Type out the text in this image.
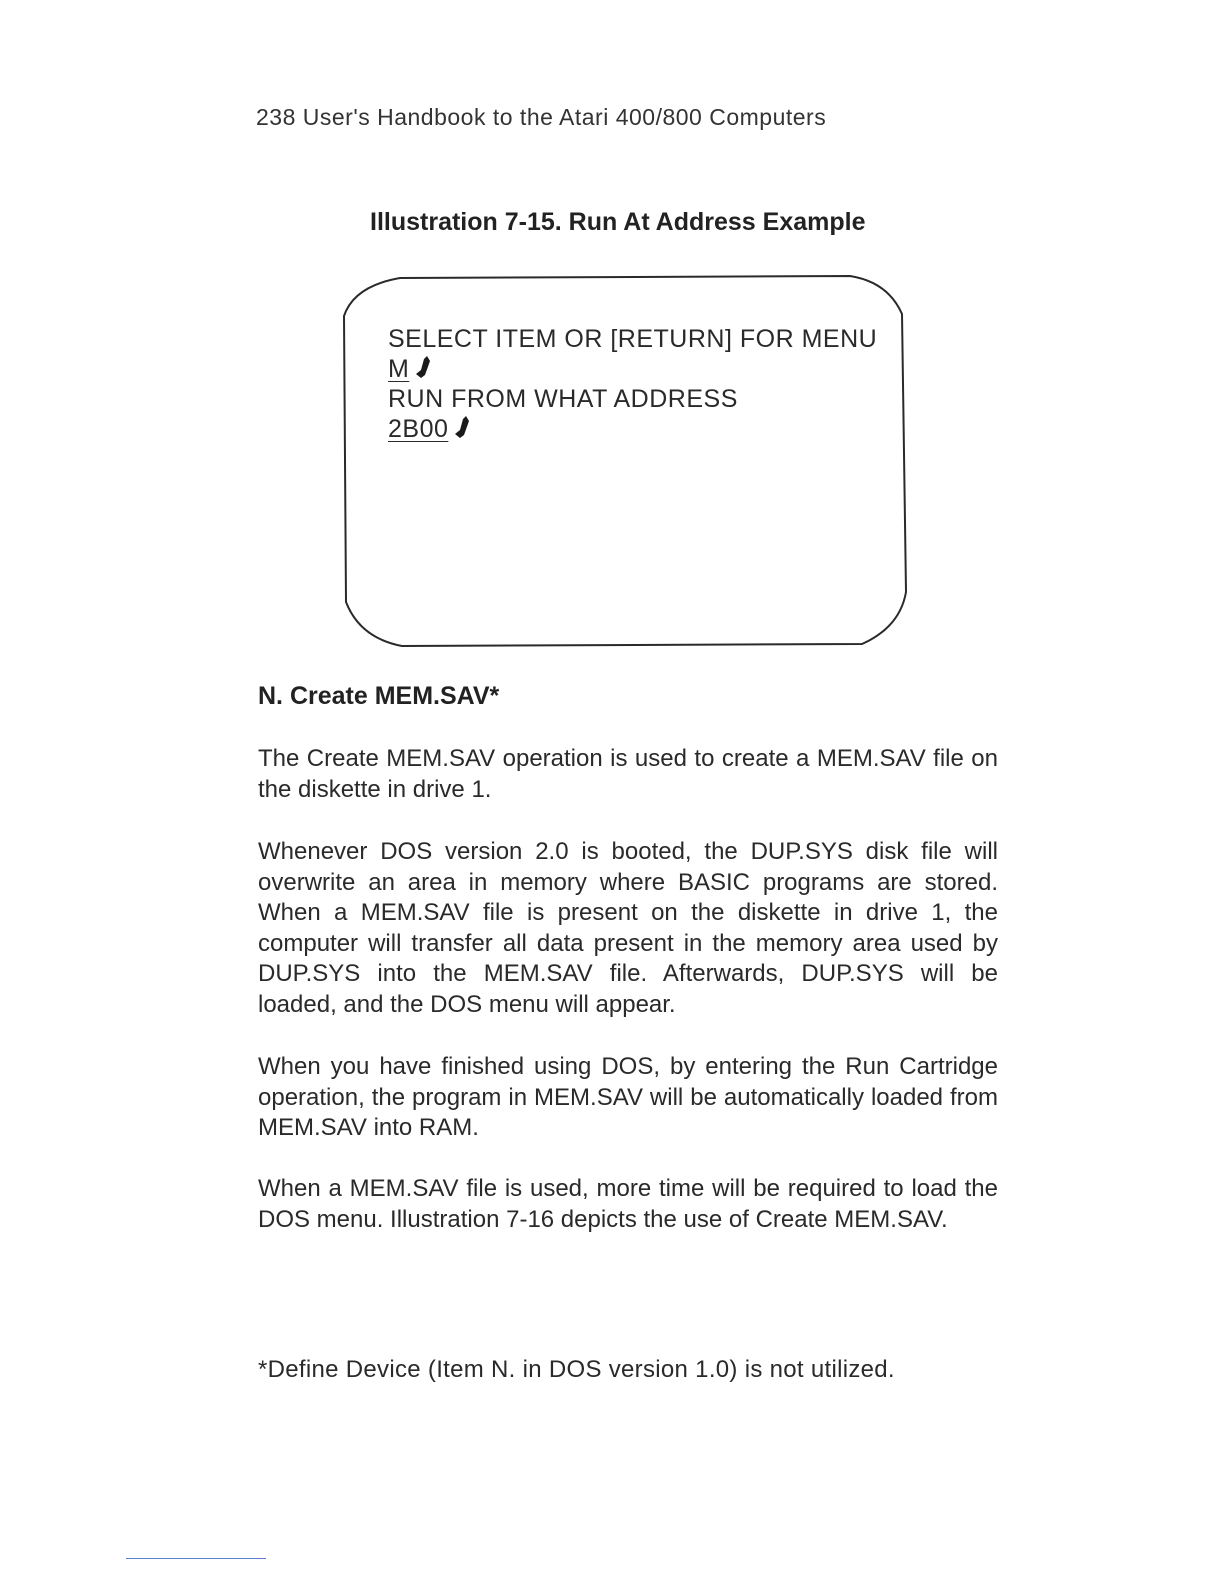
238 User's Handbook to the Atari 400/800 Computers
Illustration 7-15. Run At Address Example
SELECT ITEM OR [RETURN] FOR MENU
M
RUN FROM WHAT ADDRESS
2B00
N. Create MEM.SAV*

The Create MEM.SAV operation is used to create a MEM.SAV file on the diskette in drive 1.

Whenever DOS version 2.0 is booted, the DUP.SYS disk file will overwrite an area in memory where BASIC programs are stored. When a MEM.SAV file is present on the diskette in drive 1, the computer will transfer all data present in the memory area used by DUP.SYS into the MEM.SAV file. Afterwards, DUP.SYS will be loaded, and the DOS menu will appear.

When you have finished using DOS, by entering the Run Cartridge operation, the program in MEM.SAV will be automatically loaded from MEM.SAV into RAM.

When a MEM.SAV file is used, more time will be required to load the DOS menu. Illustration 7-16 depicts the use of Create MEM.SAV.

*Define Device (Item N. in DOS version 1.0) is not utilized.
